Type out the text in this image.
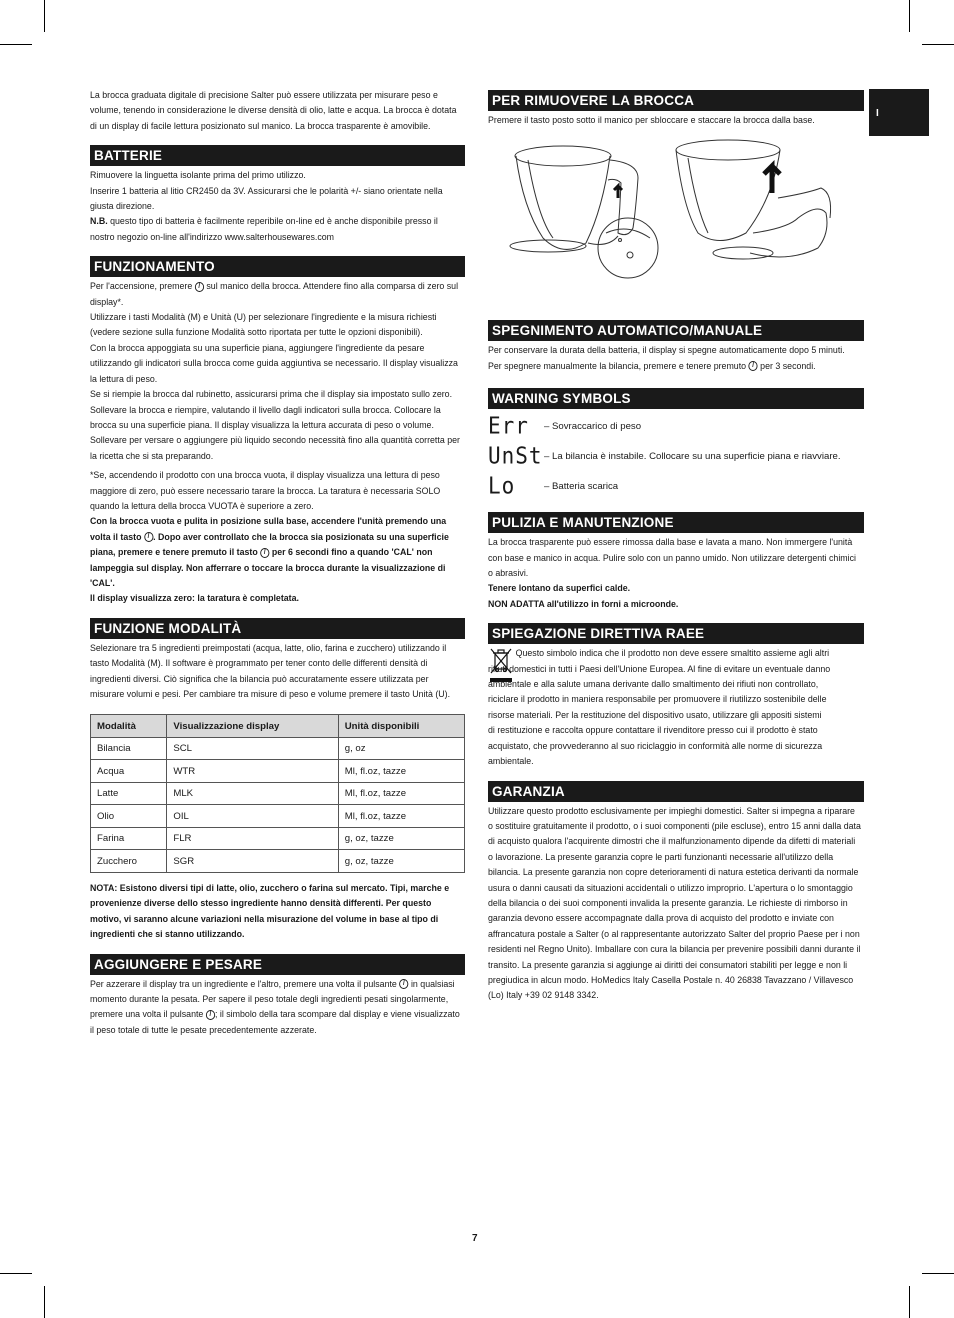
I

La brocca graduata digitale di precisione Salter può essere utilizzata per misurare peso e volume, tenendo in considerazione le diverse densità di olio, latte e acqua. La brocca è dotata di un display di facile lettura posizionato sul manico. La brocca trasparente è amovibile.

BATTERIE

Rimuovere la linguetta isolante prima del primo utilizzo.

Inserire 1 batteria al litio CR2450 da 3V. Assicurarsi che le polarità +/- siano orientate nella giusta direzione.

N.B. questo tipo di batteria è facilmente reperibile on-line ed è anche disponibile presso il nostro negozio on-line all'indirizzo www.salterhousewares.com

FUNZIONAMENTO

Per l'accensione, premere / sul manico della brocca. Attendere fino alla comparsa di zero sul display*.

Utilizzare i tasti Modalità (M) e Unità (U) per selezionare l'ingrediente e la misura richiesti (vedere sezione sulla funzione Modalità sotto riportata per tutte le opzioni disponibili).

Con la brocca appoggiata su una superficie piana, aggiungere l'ingrediente da pesare utilizzando gli indicatori sulla brocca come guida aggiuntiva se necessario. Il display visualizza la lettura di peso.

Se si riempie la brocca dal rubinetto, assicurarsi prima che il display sia impostato sullo zero. Sollevare la brocca e riempire, valutando il livello dagli indicatori sulla brocca. Collocare la brocca su una superficie piana. Il display visualizza la lettura accurata di peso o volume. Sollevare per versare o aggiungere più liquido secondo necessità fino alla quantità corretta per la ricetta che si sta preparando.

*Se, accendendo il prodotto con una brocca vuota, il display visualizza una lettura di peso maggiore di zero, può essere necessario tarare la brocca. La taratura è necessaria SOLO quando la lettura della brocca VUOTA è superiore a zero.

Con la brocca vuota e pulita in posizione sulla base, accendere l'unità premendo una volta il tasto / . Dopo aver controllato che la brocca sia posizionata su una superficie piana, premere e tenere premuto il tasto / per 6 secondi fino a quando 'CAL' non lampeggia sul display. Non afferrare o toccare la brocca durante la visualizzazione di 'CAL'.

Il display visualizza zero: la taratura è completata.

FUNZIONE MODALITÀ

Selezionare tra 5 ingredienti preimpostati (acqua, latte, olio, farina e zucchero) utilizzando il tasto Modalità (M). Il software è programmato per tener conto delle differenti densità di ingredienti diversi. Ciò significa che la bilancia può accuratamente essere utilizzata per misurare volumi e pesi. Per cambiare tra misure di peso e volume premere il tasto Unità (U).

Modalità	Visualizzazione display	Unità disponibili
Bilancia	SCL	g, oz
Acqua	WTR	Ml, fl.oz, tazze
Latte	MLK	Ml, fl.oz, tazze
Olio	OIL	Ml, fl.oz, tazze
Farina	FLR	g, oz, tazze
Zucchero	SGR	g, oz, tazze

NOTA: Esistono diversi tipi di latte, olio, zucchero o farina sul mercato. Tipi, marche e provenienze diverse dello stesso ingrediente hanno densità differenti. Per questo motivo, vi saranno alcune variazioni nella misurazione del volume in base al tipo di ingredienti che si stanno utilizzando.

AGGIUNGERE E PESARE

Per azzerare il display tra un ingrediente e l'altro, premere una volta il pulsante / in qualsiasi momento durante la pesata. Per sapere il peso totale degli ingredienti pesati singolarmente, premere una volta il pulsante / ; il simbolo della tara scompare dal display e viene visualizzato il peso totale di tutte le pesate precedentemente azzerate.

PER RIMUOVERE LA BROCCA

Premere il tasto posto sotto il manico per sbloccare e staccare la brocca dalla base.

SPEGNIMENTO AUTOMATICO/MANUALE

Per conservare la durata della batteria, il display si spegne automaticamente dopo 5 minuti.

Per spegnere manualmente la bilancia, premere e tenere premuto / per 3 secondi.

WARNING SYMBOLS
Err	– Sovraccarico di peso
UnSt – La bilancia è instabile. Collocare su una superficie piana e riavviare.
Lo	– Batteria scarica
PULIZIA E MANUTENZIONE

La brocca trasparente può essere rimossa dalla base e lavata a mano. Non immergere l'unità con base e manico in acqua. Pulire solo con un panno umido. Non utilizzare detergenti chimici o abrasivi.

Tenere lontano da superfici calde.

NON ADATTA all'utilizzo in forni a microonde.

SPIEGAZIONE DIRETTIVA RAEE

Questo simbolo indica che il prodotto non deve essere smaltito assieme agli altri rifiuti domestici in tutti i Paesi dell'Unione Europea. Al fine di evitare un eventuale danno ambientale e alla salute umana derivante dallo smaltimento dei rifiuti non controllato, riciclare il prodotto in maniera responsabile per promuovere il riutilizzo sostenibile delle risorse materiali. Per la restituzione del dispositivo usato, utilizzare gli appositi sistemi di restituzione e raccolta oppure contattare il rivenditore presso cui il prodotto è stato acquistato, che provvederanno al suo riciclaggio in conformità alle norme di sicurezza ambientale.

GARANZIA

Utilizzare questo prodotto esclusivamente per impieghi domestici. Salter si impegna a riparare o sostituire gratuitamente il prodotto, o i suoi componenti (pile escluse), entro 15 anni dalla data di acquisto qualora l'acquirente dimostri che il malfunzionamento dipende da difetti di materiali o lavorazione. La presente garanzia copre le parti funzionanti necessarie all'utilizzo della bilancia. La presente garanzia non copre deterioramenti di natura estetica derivanti da normale usura o danni causati da situazioni accidentali o utilizzo improprio. L'apertura o lo smontaggio della bilancia o dei suoi componenti invalida la presente garanzia. Le richieste di rimborso in garanzia devono essere accompagnate dalla prova di acquisto del prodotto e inviate con affrancatura postale a Salter (o al rappresentante autorizzato Salter del proprio Paese per i non residenti nel Regno Unito). Imballare con cura la bilancia per prevenire possibili danni durante il transito. La presente garanzia si aggiunge ai diritti dei consumatori stabiliti per legge e non li pregiudica in alcun modo. HoMedics Italy Casella Postale n. 40 26838 Tavazzano / Villavesco (Lo) Italy +39 02 9148 3342.

7
